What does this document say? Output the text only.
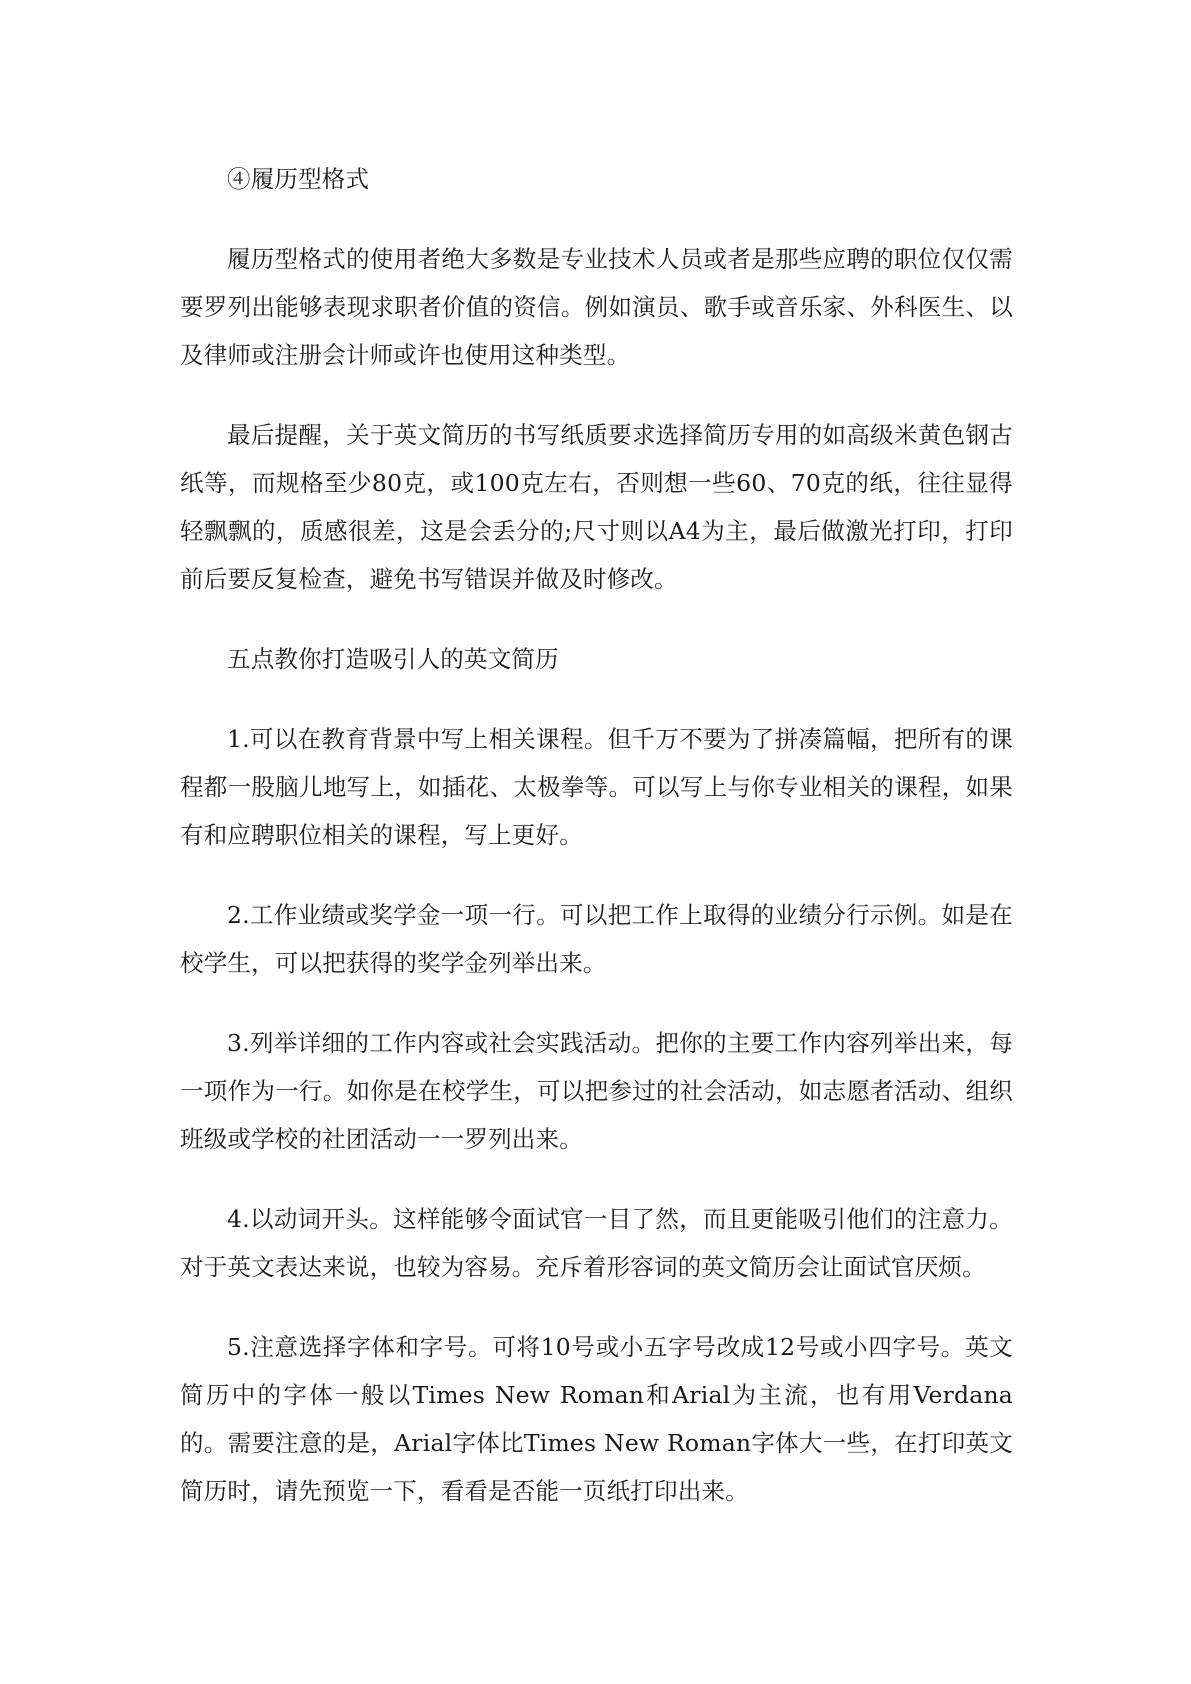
④履历型格式

履历型格式的使用者绝大多数是专业技术人员或者是那些应聘的职位仅仅需要罗列出能够表现求职者价值的资信。例如演员、歌手或音乐家、外科医生、以及律师或注册会计师或许也使用这种类型。

最后提醒，关于英文简历的书写纸质要求选择简历专用的如高级米黄色钢古纸等，而规格至少80克，或100克左右，否则想一些60、70克的纸，往往显得轻飘飘的，质感很差，这是会丢分的;尺寸则以A4为主，最后做激光打印，打印前后要反复检查，避免书写错误并做及时修改。

五点教你打造吸引人的英文简历

1.可以在教育背景中写上相关课程。但千万不要为了拼凑篇幅，把所有的课程都一股脑儿地写上，如插花、太极拳等。可以写上与你专业相关的课程，如果有和应聘职位相关的课程，写上更好。

2.工作业绩或奖学金一项一行。可以把工作上取得的业绩分行示例。如是在校学生，可以把获得的奖学金列举出来。

3.列举详细的工作内容或社会实践活动。把你的主要工作内容列举出来，每一项作为一行。如你是在校学生，可以把参过的社会活动，如志愿者活动、组织班级或学校的社团活动一一罗列出来。

4.以动词开头。这样能够令面试官一目了然，而且更能吸引他们的注意力。对于英文表达来说，也较为容易。充斥着形容词的英文简历会让面试官厌烦。

5.注意选择字体和字号。可将10号或小五字号改成12号或小四字号。英文简历中的字体一般以Times New Roman和Arial为主流，也有用Verdana的。需要注意的是，Arial字体比Times New Roman字体大一些，在打印英文简历时，请先预览一下，看看是否能一页纸打印出来。
